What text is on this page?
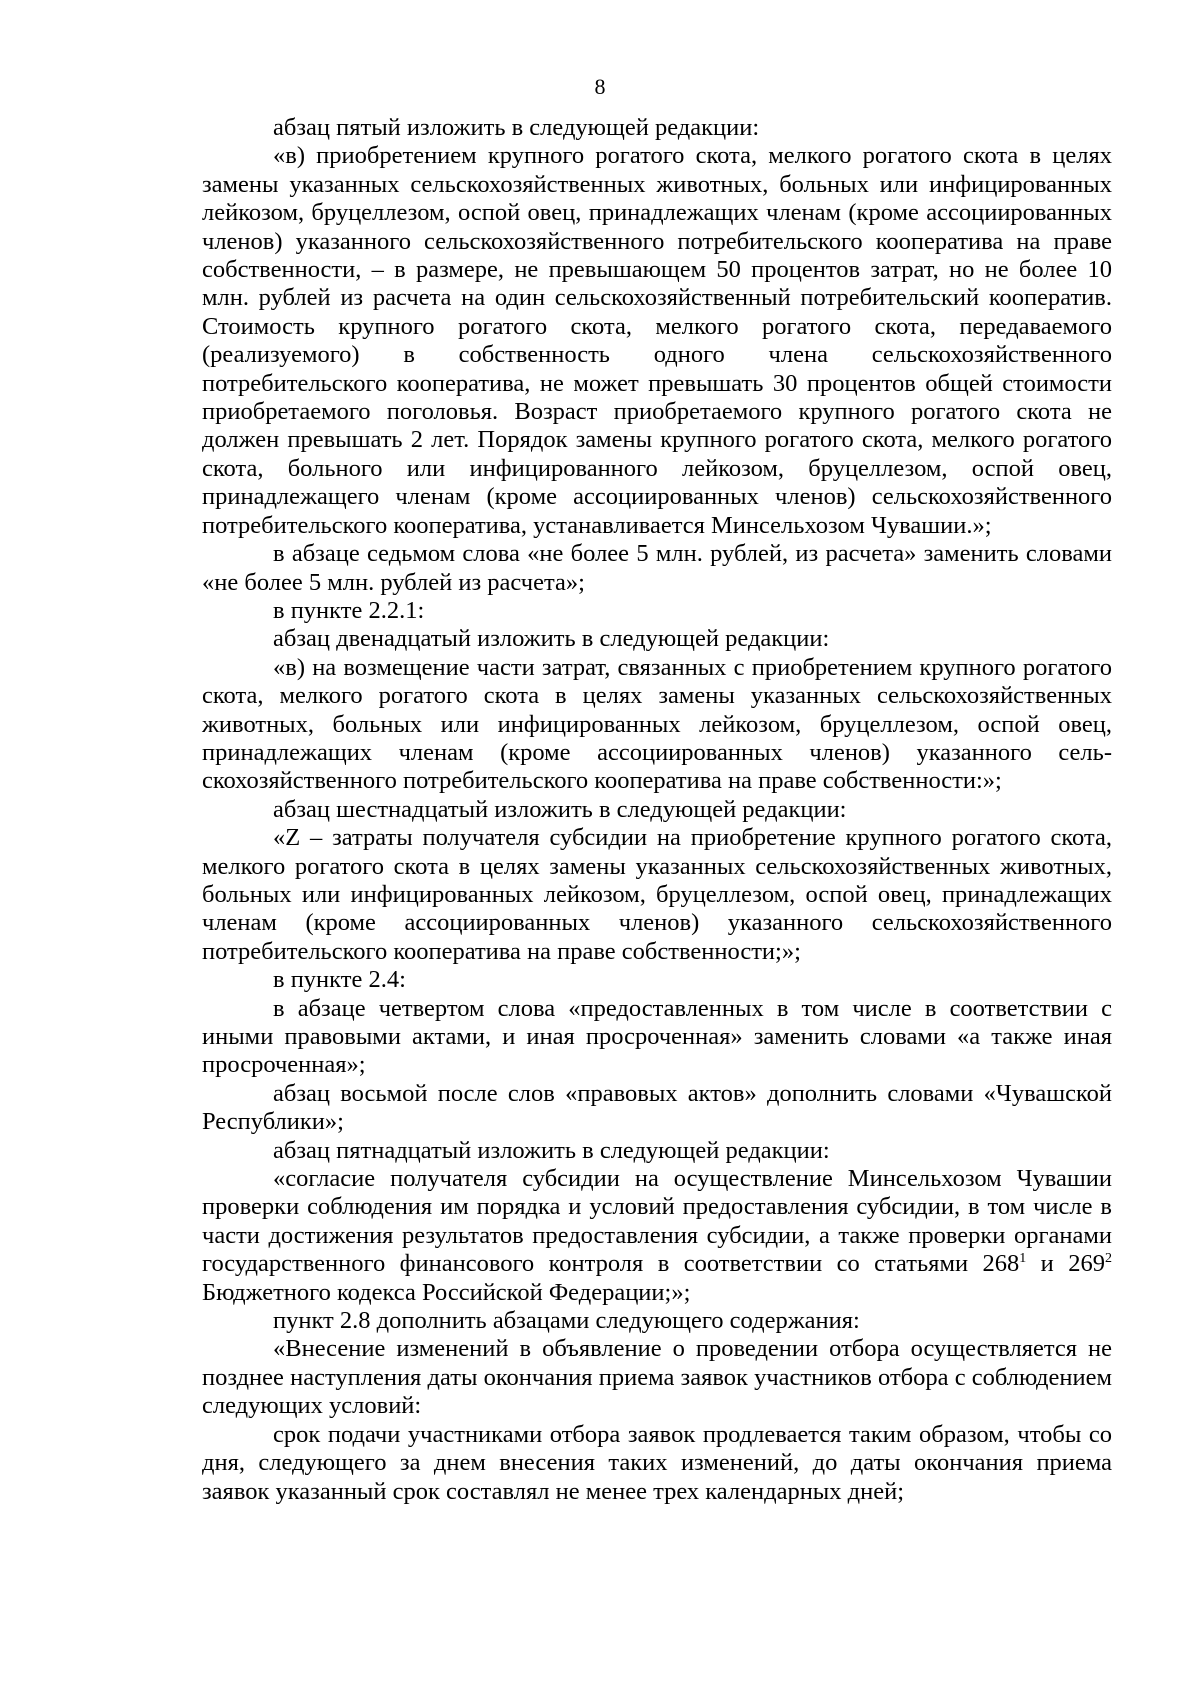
8

абзац пятый изложить в следующей редакции:

«в) приобретением крупного рогатого скота, мелкого рогатого скота в целях замены указанных сельскохозяйственных животных, больных или инфицированных лейкозом, бруцеллезом, оспой овец, принадлежащих членам (кроме ассоциированных членов) указанного сельскохозяйственного потребительского кооператива на праве собственности, – в размере, не превышающем 50 процентов затрат, но не более 10 млн. рублей из расчета на один сельскохозяйственный потребительский кооператив. Стоимость крупного рогатого скота, мелкого рогатого скота, передаваемого (реализуемого) в собственность одного члена сельскохозяйственного потребительского кооператива, не может превышать 30 процентов общей стоимости приобретаемого поголовья. Возраст приобретаемого крупного рогатого скота не должен превышать 2 лет. Порядок замены крупного рогатого скота, мелкого рогатого скота, больного или инфицированного лейкозом, бруцеллезом, оспой овец, принадлежащего членам (кроме ассоциированных членов) сельскохозяйственного потребительского кооператива, устанавливается Минсельхозом Чувашии.»;

в абзаце седьмом слова «не более 5 млн. рублей, из расчета» заменить словами «не более 5 млн. рублей из расчета»;

в пункте 2.2.1:

абзац двенадцатый изложить в следующей редакции:

«в) на возмещение части затрат, связанных с приобретением крупного рогатого скота, мелкого рогатого скота в целях замены указанных сельскохозяйственных животных, больных или инфицированных лейкозом, бруцеллезом, оспой овец, принадлежащих членам (кроме ассоциированных членов) указанного сельскохозяйственного потребительского кооператива на праве собственности:»;

абзац шестнадцатый изложить в следующей редакции:

«Z – затраты получателя субсидии на приобретение крупного рогатого скота, мелкого рогатого скота в целях замены указанных сельскохозяйственных животных, больных или инфицированных лейкозом, бруцеллезом, оспой овец, принадлежащих членам (кроме ассоциированных членов) указанного сельскохозяйственного потребительского кооператива на праве собственности;»;

в пункте 2.4:

в абзаце четвертом слова «предоставленных в том числе в соответствии с иными правовыми актами, и иная просроченная» заменить словами «а также иная просроченная»;

абзац восьмой после слов «правовых актов» дополнить словами «Чувашской Республики»;

абзац пятнадцатый изложить в следующей редакции:

«согласие получателя субсидии на осуществление Минсельхозом Чувашии проверки соблюдения им порядка и условий предоставления субсидии, в том числе в части достижения результатов предоставления субсидии, а также проверки органами государственного финансового контроля в соответствии со статьями $268^1$ и $269^2$ Бюджетного кодекса Российской Федерации;»;

пункт 2.8 дополнить абзацами следующего содержания:

«Внесение изменений в объявление о проведении отбора осуществляется не позднее наступления даты окончания приема заявок участников отбора с соблюдением следующих условий:

срок подачи участниками отбора заявок продлевается таким образом, чтобы со дня, следующего за днем внесения таких изменений, до даты окончания приема заявок указанный срок составлял не менее трех календарных дней;
